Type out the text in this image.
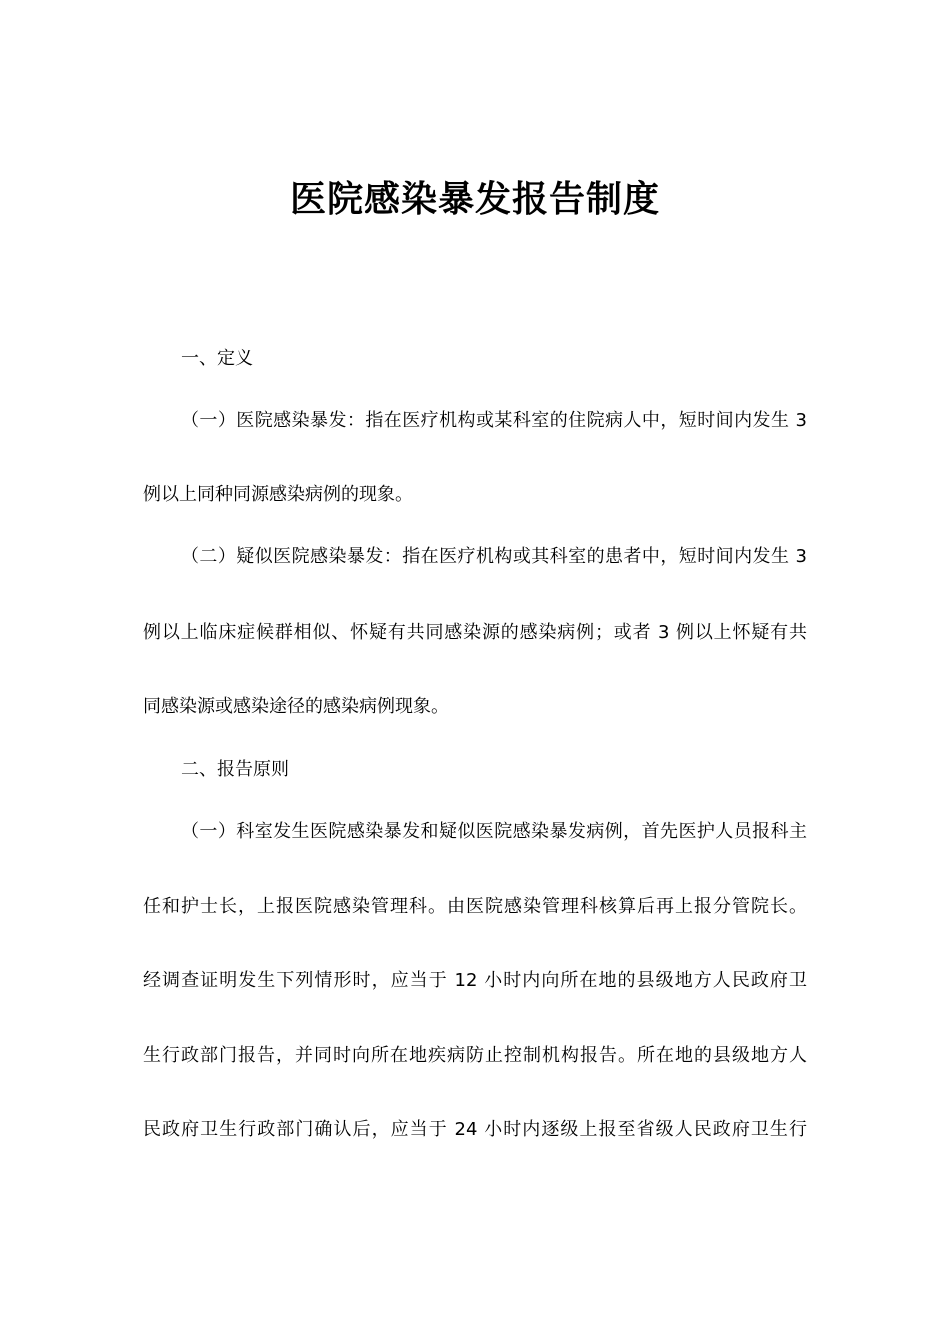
医院感染暴发报告制度

一、定义

（一）医院感染暴发：指在医疗机构或某科室的住院病人中，短时间内发生 3

例以上同种同源感染病例的现象。

（二）疑似医院感染暴发：指在医疗机构或其科室的患者中，短时间内发生 3

例以上临床症候群相似、怀疑有共同感染源的感染病例；或者 3 例以上怀疑有共

同感染源或感染途径的感染病例现象。

二、报告原则

（一）科室发生医院感染暴发和疑似医院感染暴发病例，首先医护人员报科主

任和护士长，上报医院感染管理科。由医院感染管理科核算后再上报分管院长。

经调查证明发生下列情形时，应当于 12 小时内向所在地的县级地方人民政府卫

生行政部门报告，并同时向所在地疾病防止控制机构报告。所在地的县级地方人

民政府卫生行政部门确认后，应当于 24 小时内逐级上报至省级人民政府卫生行
